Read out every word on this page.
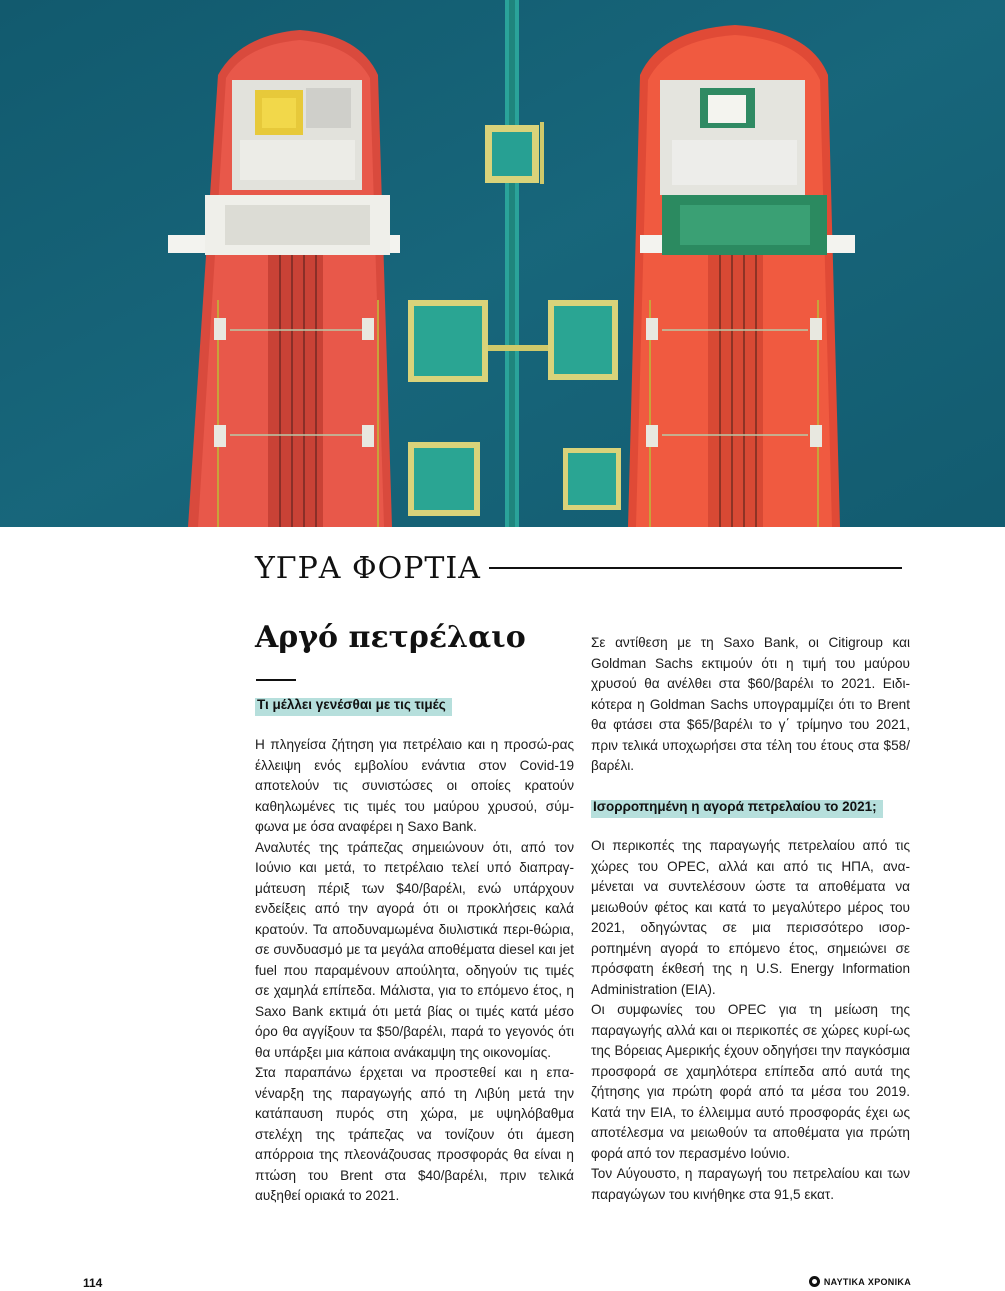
ΥΓΡΑ ΦΟΡΤΙΑ
Αργό πετρέλαιο
Τι μέλλει γενέσθαι με τις τιμές

Η πληγείσα ζήτηση για πετρέλαιο και η προσώ-ρας έλλειψη ενός εμβολίου ενάντια στον Covid-19 αποτελούν τις συνιστώσες οι οποίες κρατούν καθηλωμένες τις τιμές του μαύρου χρυσού, σύμ-φωνα με όσα αναφέρει η Saxo Bank.

Αναλυτές της τράπεζας σημειώνουν ότι, από τον Ιούνιο και μετά, το πετρέλαιο τελεί υπό διαπραγ-μάτευση πέριξ των $40/βαρέλι, ενώ υπάρχουν ενδείξεις από την αγορά ότι οι προκλήσεις καλά κρατούν. Τα αποδυναμωμένα διυλιστικά περι-θώρια, σε συνδυασμό με τα μεγάλα αποθέματα diesel και jet fuel που παραμένουν απούλητα, οδηγούν τις τιμές σε χαμηλά επίπεδα. Μάλιστα, για το επόμενο έτος, η Saxo Bank εκτιμά ότι μετά βίας οι τιμές κατά μέσο όρο θα αγγίξουν τα $50/βαρέλι, παρά το γεγονός ότι θα υπάρξει μια κάποια ανάκαμψη της οικονομίας.

Στα παραπάνω έρχεται να προστεθεί και η επα-νέναρξη της παραγωγής από τη Λιβύη μετά την κατάπαυση πυρός στη χώρα, με υψηλόβαθμα στελέχη της τράπεζας να τονίζουν ότι άμεση απόρροια της πλεονάζουσας προσφοράς θα είναι η πτώση του Brent στα $40/βαρέλι, πριν τελικά αυξηθεί οριακά το 2021.

Σε αντίθεση με τη Saxo Bank, οι Citigroup και Goldman Sachs εκτιμούν ότι η τιμή του μαύρου χρυσού θα ανέλθει στα $60/βαρέλι το 2021. Ειδι-κότερα η Goldman Sachs υπογραμμίζει ότι το Brent θα φτάσει στα $65/βαρέλι το γ΄ τρίμηνο του 2021, πριν τελικά υποχωρήσει στα τέλη του έτους στα $58/βαρέλι.

Ισορροπημένη η αγορά πετρελαίου το 2021;

Οι περικοπές της παραγωγής πετρελαίου από τις χώρες του OPEC, αλλά και από τις ΗΠΑ, ανα-μένεται να συντελέσουν ώστε τα αποθέματα να μειωθούν φέτος και κατά το μεγαλύτερο μέρος του 2021, οδηγώντας σε μια περισσότερο ισορ-ροπημένη αγορά το επόμενο έτος, σημειώνει σε πρόσφατη έκθεσή της η U.S. Energy Information Administration (EIA).

Οι συμφωνίες του OPEC για τη μείωση της παραγωγής αλλά και οι περικοπές σε χώρες κυρί-ως της Βόρειας Αμερικής έχουν οδηγήσει την παγκόσμια προσφορά σε χαμηλότερα επίπεδα από αυτά της ζήτησης για πρώτη φορά από τα μέσα του 2019. Κατά την EIA, το έλλειμμα αυτό προσφοράς έχει ως αποτέλεσμα να μειωθούν τα αποθέματα για πρώτη φορά από τον περασμένο Ιούνιο.

Τον Αύγουστο, η παραγωγή του πετρελαίου και των παραγώγων του κινήθηκε στα 91,5 εκατ.

114	ΝΑΥΤΙΚΑ ΧΡΟΝΙΚΑ
